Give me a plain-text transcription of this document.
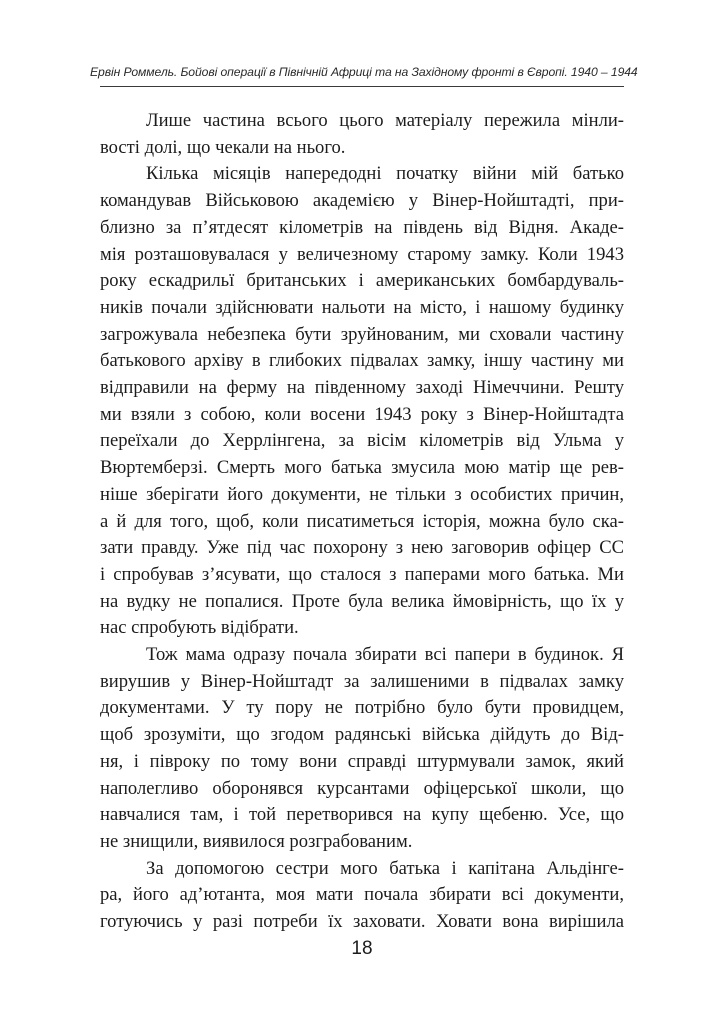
Ервін Роммель. Бойові операції в Північній Африці та на Західному фронті в Європі. 1940 – 1944
Лише частина всього цього матеріалу пережила мінли-
вості долі, що чекали на нього.
Кілька місяців напередодні початку війни мій батько
командував Військовою академією у Вінер-Нойштадті, при-
близно за п’ятдесят кілометрів на південь від Відня. Акаде-
мія розташовувалася у величезному старому замку. Коли 1943
року ескадрильї британських і американських бомбардуваль-
ників почали здійснювати нальоти на місто, і нашому будинку
загрожувала небезпека бути зруйнованим, ми сховали частину
батькового архіву в глибоких підвалах замку, іншу частину ми
відправили на ферму на південному заході Німеччини. Решту
ми взяли з собою, коли восени 1943 року з Вінер-Нойштадта
переїхали до Херрлінгена, за вісім кілометрів від Ульма у
Вюртемберзі. Смерть мого батька змусила мою матір ще рев-
ніше зберігати його документи, не тільки з особистих причин,
а й для того, щоб, коли писатиметься історія, можна було ска-
зати правду. Уже під час похорону з нею заговорив офіцер СС
і спробував з’ясувати, що сталося з паперами мого батька. Ми
на вудку не попалися. Проте була велика ймовірність, що їх у
нас спробують відібрати.
Тож мама одразу почала збирати всі папери в будинок. Я
вирушив у Вінер-Нойштадт за залишеними в підвалах замку
документами. У ту пору не потрібно було бути провидцем,
щоб зрозуміти, що згодом радянські війська дійдуть до Від-
ня, і півроку по тому вони справді штурмували замок, який
наполегливо оборонявся курсантами офіцерської школи, що
навчалися там, і той перетворився на купу щебеню. Усе, що
не знищили, виявилося розграбованим.
За допомогою сестри мого батька і капітана Альдінге-
ра, його ад’ютанта, моя мати почала збирати всі документи,
готуючись у разі потреби їх заховати. Ховати вона вирішила
18
